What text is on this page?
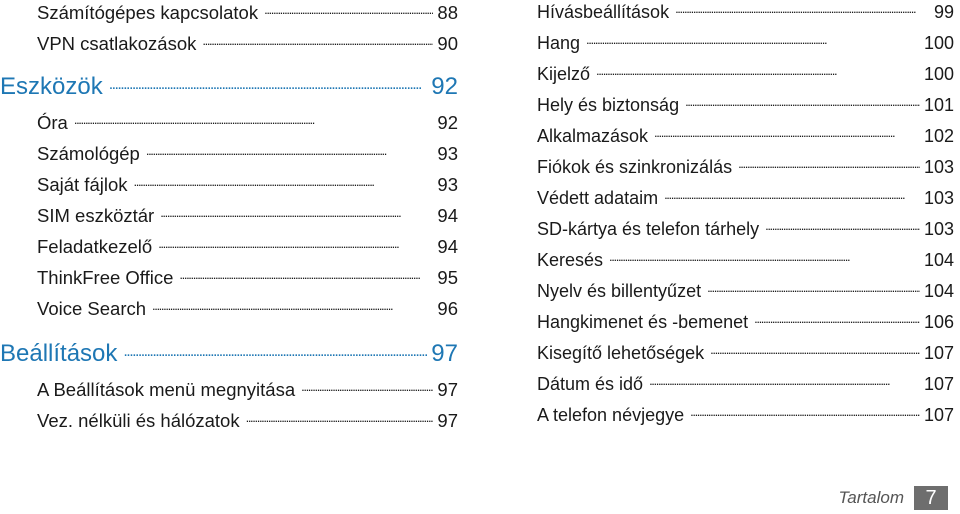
Számítógépes kapcsolatok . . .	88
VPN csatlakozások . . .	90
Eszközök . . .	92
Óra . . .	92
Számológép . . .	93
Saját fájlok . . .	93
SIM eszköztár . . .	94
Feladatkezelő . . .	94
ThinkFree Office . . .	95
Voice Search . . .	96
Beállítások . . .	97
A Beállítások menü megnyitása . . .	97
Vez. nélküli és hálózatok . . .	97
Hívásbeállítások . . .	99
Hang . . .	100
Kijelző . . .	100
Hely és biztonság . . .	101
Alkalmazások . . .	102
Fiókok és szinkronizálás . . .	103
Védett adataim . . .	103
SD-kártya és telefon tárhely . . .	103
Keresés . . .	104
Nyelv és billentyűzet . . .	104
Hangkimenet és -bemenet . . .	106
Kisegítő lehetőségek . . .	107
Dátum és idő . . .	107
A telefon névjegye . . .	107
Tartalom	7
